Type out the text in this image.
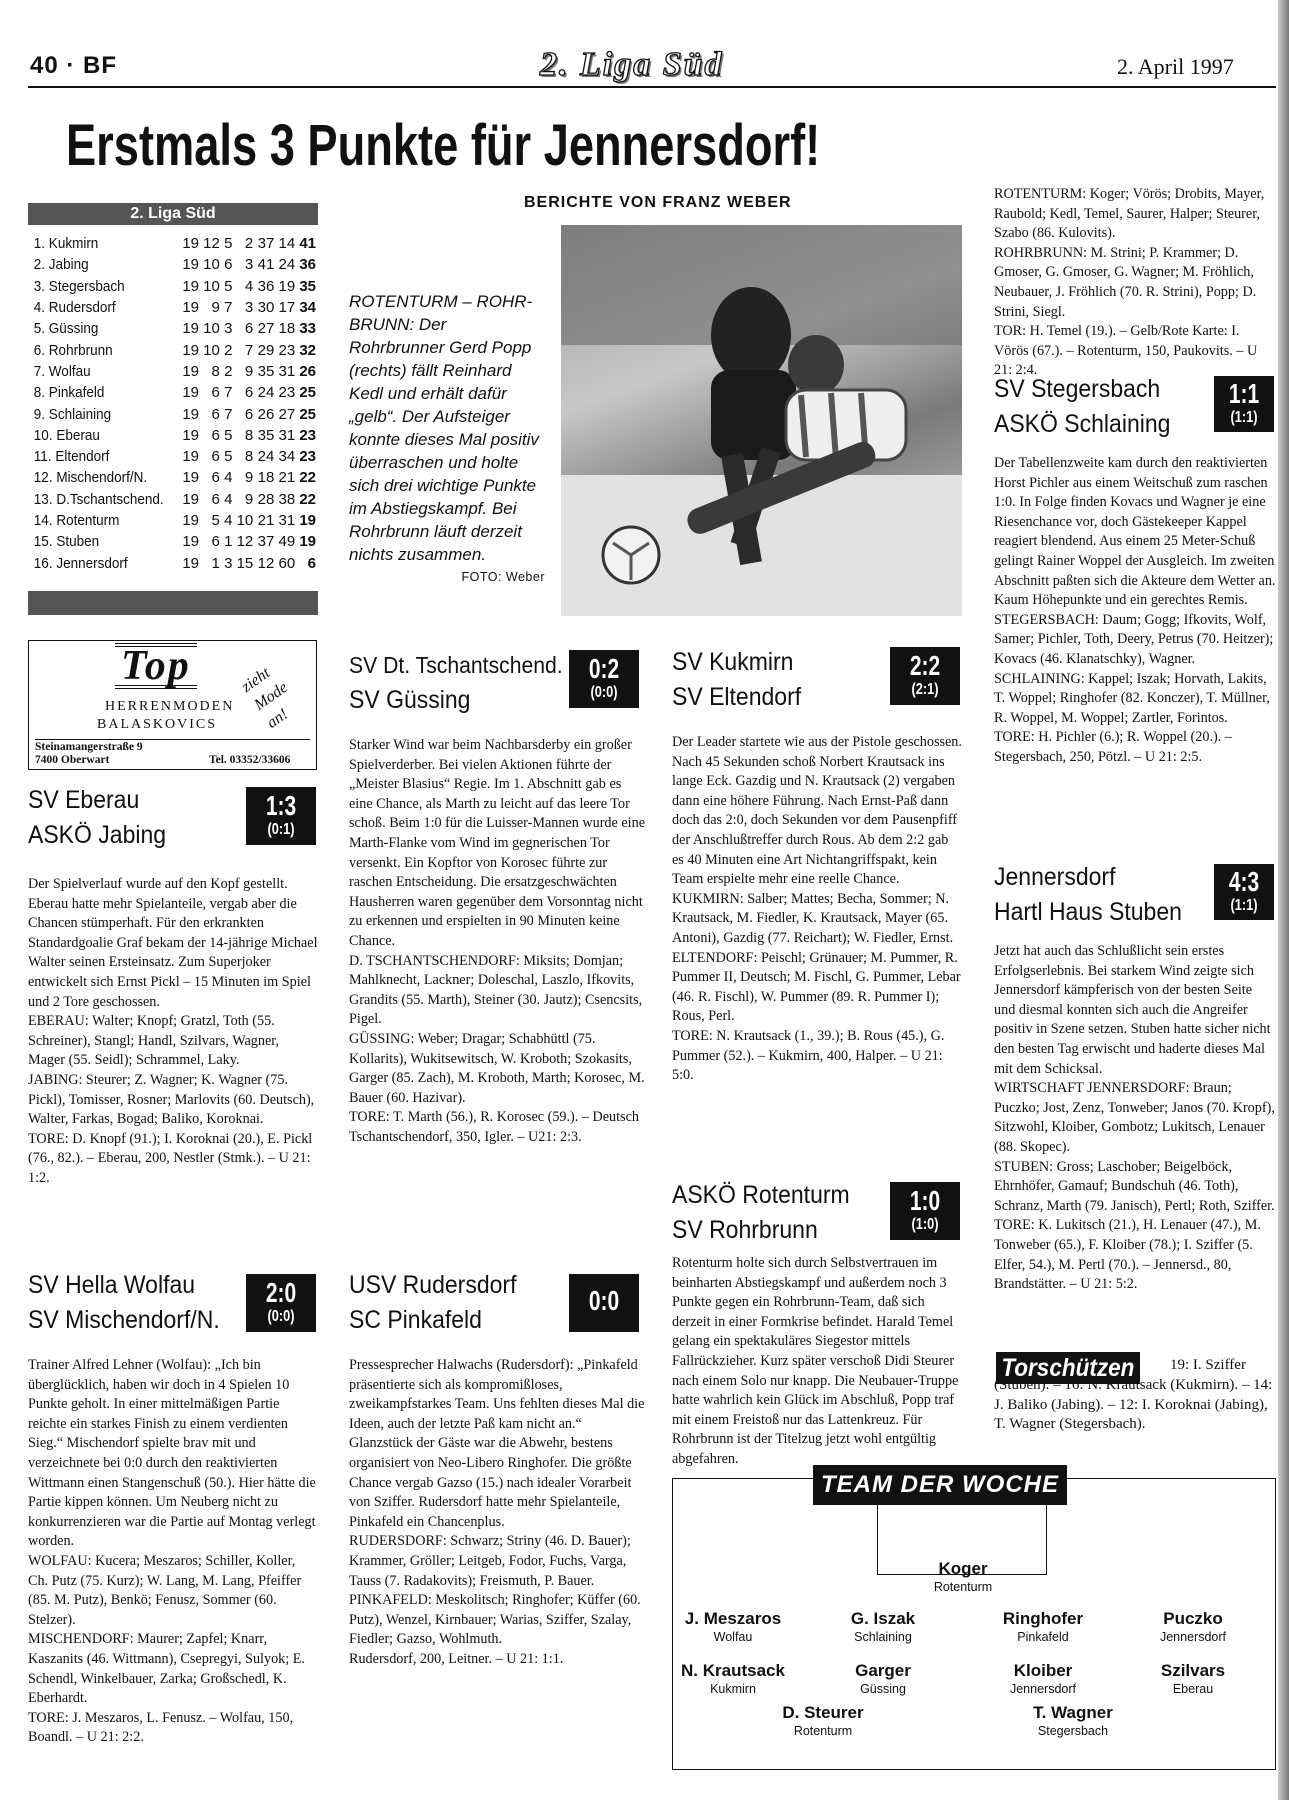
40 · BF	2. Liga Süd	2. April 1997
Erstmals 3 Punkte für Jennersdorf!
BERICHTE VON FRANZ WEBER
2. Liga Süd
1. Kukmirn	19	12	5	2	37 14	41
2. Jabing	19	10	6	3	41 24	36
3. Stegersbach	19	10	5	4	36 19	35
4. Rudersdorf	19	9	7	3	30 17	34
5. Güssing	19	10	3	6	27 18	33
6. Rohrbrunn	19	10	2	7	29 23	32
7. Wolfau	19	8	2	9	35 31	26
8. Pinkafeld	19	6	7	6	24 23	25
9. Schlaining	19	6	7	6	26 27	25
10. Eberau	19	6	5	8	35 31	23
11. Eltendorf	19	6	5	8	24 34	23
12. Mischendorf/N.	19	6	4	9	18 21	22
13. D.Tschantschend.	19	6	4	9	28 38	22
14. Rotenturm	19	5	4	10	21 31	19
15. Stuben	19	6	1	12	37 49	19
16. Jennersdorf	19	1	3	15	12 60	6
Top
HERRENMODEN
BALASKOVICS
zieht Mode an!
Steinamangerstraße 9
7400 Oberwart	Tel. 03352/33606
ROTENTURM – ROHR-BRUNN: Der Rohrbrunner Gerd Popp (rechts) fällt Reinhard Kedl und erhält dafür „gelb“. Der Aufsteiger konnte dieses Mal positiv überraschen und holte sich drei wichtige Punkte im Abstiegskampf. Bei Rohrbrunn läuft derzeit nichts zusammen.
FOTO: Weber
SV Eberau
ASKÖ Jabing
1:3
(0:1)

Der Spielverlauf wurde auf den Kopf gestellt. Eberau hatte mehr Spielanteile, vergab aber die Chancen stümperhaft. Für den erkrankten Standardgoalie Graf bekam der 14-jährige Michael Walter seinen Ersteinsatz. Zum Superjoker entwickelt sich Ernst Pickl – 15 Minuten im Spiel und 2 Tore geschossen.

EBERAU: Walter; Knopf; Gratzl, Toth (55. Schreiner), Stangl; Handl, Szilvars, Wagner, Mager (55. Seidl); Schrammel, Laky.

JABING: Steurer; Z. Wagner; K. Wagner (75. Pickl), Tomisser, Rosner; Marlovits (60. Deutsch), Walter, Farkas, Bogad; Baliko, Koroknai.

TORE: D. Knopf (91.); I. Koroknai (20.), E. Pickl (76., 82.). – Eberau, 200, Nestler (Stmk.). – U 21: 1:2.

SV Hella Wolfau
SV Mischendorf/N.
2:0
(0:0)

Trainer Alfred Lehner (Wolfau): „Ich bin überglücklich, haben wir doch in 4 Spielen 10 Punkte geholt. In einer mittelmäßigen Partie reichte ein starkes Finish zu einem verdienten Sieg.“ Mischendorf spielte brav mit und verzeichnete bei 0:0 durch den reaktivierten Wittmann einen Stangenschuß (50.). Hier hätte die Partie kippen können. Um Neuberg nicht zu konkurrenzieren war die Partie auf Montag verlegt worden.

WOLFAU: Kucera; Meszaros; Schiller, Koller, Ch. Putz (75. Kurz); W. Lang, M. Lang, Pfeiffer (85. M. Putz), Benkö; Fenusz, Sommer (60. Stelzer).

MISCHENDORF: Maurer; Zapfel; Knarr, Kaszanits (46. Wittmann), Csepregyi, Sulyok; E. Schendl, Winkelbauer, Zarka; Großschedl, K. Eberhardt.

TORE: J. Meszaros, L. Fenusz. – Wolfau, 150, Boandl. – U 21: 2:2.

SV Dt. Tschantschend.
SV Güssing
0:2
(0:0)

Starker Wind war beim Nachbarsderby ein großer Spielverderber. Bei vielen Aktionen führte der „Meister Blasius“ Regie. Im 1. Abschnitt gab es eine Chance, als Marth zu leicht auf das leere Tor schoß. Beim 1:0 für die Luisser-Mannen wurde eine Marth-Flanke vom Wind im gegnerischen Tor versenkt. Ein Kopftor von Korosec führte zur raschen Entscheidung. Die ersatzgeschwächten Hausherren waren gegenüber dem Vorsonntag nicht zu erkennen und erspielten in 90 Minuten keine Chance.

D. TSCHANTSCHENDORF: Miksits; Domjan; Mahlknecht, Lackner; Doleschal, Laszlo, Ifkovits, Grandits (55. Marth), Steiner (30. Jautz); Csencsits, Pigel.

GÜSSING: Weber; Dragar; Schabhüttl (75. Kollarits), Wukitsewitsch, W. Kroboth; Szokasits, Garger (85. Zach), M. Kroboth, Marth; Korosec, M. Bauer (60. Hazivar).

TORE: T. Marth (56.), R. Korosec (59.). – Deutsch Tschantschendorf, 350, Igler. – U21: 2:3.

USV Rudersdorf
SC Pinkafeld
0:0

Pressesprecher Halwachs (Rudersdorf): „Pinkafeld präsentierte sich als kompromißloses, zweikampfstarkes Team. Uns fehlten dieses Mal die Ideen, auch der letzte Paß kam nicht an.“ Glanzstück der Gäste war die Abwehr, bestens organisiert von Neo-Libero Ringhofer. Die größte Chance vergab Gazso (15.) nach idealer Vorarbeit von Sziffer. Rudersdorf hatte mehr Spielanteile, Pinkafeld ein Chancenplus.

RUDERSDORF: Schwarz; Striny (46. D. Bauer); Krammer, Gröller; Leitgeb, Fodor, Fuchs, Varga, Tauss (7. Radakovits); Freismuth, P. Bauer.

PINKAFELD: Meskolitsch; Ringhofer; Küffer (60. Putz), Wenzel, Kirnbauer; Warias, Sziffer, Szalay, Fiedler; Gazso, Wohlmuth.

Rudersdorf, 200, Leitner. – U 21: 1:1.

SV Kukmirn
SV Eltendorf
2:2
(2:1)

Der Leader startete wie aus der Pistole geschossen. Nach 45 Sekunden schoß Norbert Krautsack ins lange Eck. Gazdig und N. Krautsack (2) vergaben dann eine höhere Führung. Nach Ernst-Paß dann doch das 2:0, doch Sekunden vor dem Pausenpfiff der Anschlußtreffer durch Rous. Ab dem 2:2 gab es 40 Minuten eine Art Nichtangriffspakt, kein Team erspielte mehr eine reelle Chance.

KUKMIRN: Salber; Mattes; Becha, Sommer; N. Krautsack, M. Fiedler, K. Krautsack, Mayer (65. Antoni), Gazdig (77. Reichart); W. Fiedler, Ernst.

ELTENDORF: Peischl; Grünauer; M. Pummer, R. Pummer II, Deutsch; M. Fischl, G. Pummer, Lebar (46. R. Fischl), W. Pummer (89. R. Pummer I); Rous, Perl.

TORE: N. Krautsack (1., 39.); B. Rous (45.), G. Pummer (52.). – Kukmirn, 400, Halper. – U 21: 5:0.

ASKÖ Rotenturm
SV Rohrbrunn
1:0
(1:0)

Rotenturm holte sich durch Selbstvertrauen im beinharten Abstiegskampf und außerdem noch 3 Punkte gegen ein Rohrbrunn-Team, daß sich derzeit in einer Formkrise befindet. Harald Temel gelang ein spektakuläres Siegestor mittels Fallrückzieher. Kurz später verschoß Didi Steurer nach einem Solo nur knapp. Die Neubauer-Truppe hatte wahrlich kein Glück im Abschluß, Popp traf mit einem Freistoß nur das Lattenkreuz. Für Rohrbrunn ist der Titelzug jetzt wohl entgültig abgefahren.

ROTENTURM: Koger; Vörös; Drobits, Mayer, Raubold; Kedl, Temel, Saurer, Halper; Steurer, Szabo (86. Kulovits).

ROHRBRUNN: M. Strini; P. Krammer; D. Gmoser, G. Gmoser, G. Wagner; M. Fröhlich, Neubauer, J. Fröhlich (70. R. Strini), Popp; D. Strini, Siegl.

TOR: H. Temel (19.). – Gelb/Rote Karte: I. Vörös (67.). – Rotenturm, 150, Paukovits. – U 21: 2:4.

SV Stegersbach
ASKÖ Schlaining
1:1
(1:1)

Der Tabellenzweite kam durch den reaktivierten Horst Pichler aus einem Weitschuß zum raschen 1:0. In Folge finden Kovacs und Wagner je eine Riesenchance vor, doch Gästekeeper Kappel reagiert blendend. Aus einem 25 Meter-Schuß gelingt Rainer Woppel der Ausgleich. Im zweiten Abschnitt paßten sich die Akteure dem Wetter an. Kaum Höhepunkte und ein gerechtes Remis.

STEGERSBACH: Daum; Gogg; Ifkovits, Wolf, Samer; Pichler, Toth, Deery, Petrus (70. Heitzer); Kovacs (46. Klanatschky), Wagner.

SCHLAINING: Kappel; Iszak; Horvath, Lakits, T. Woppel; Ringhofer (82. Konczer), T. Müllner, R. Woppel, M. Woppel; Zartler, Forintos.

TORE: H. Pichler (6.); R. Woppel (20.). – Stegersbach, 250, Pötzl. – U 21: 2:5.

Jennersdorf
Hartl Haus Stuben
4:3
(1:1)

Jetzt hat auch das Schlußlicht sein erstes Erfolgserlebnis. Bei starkem Wind zeigte sich Jennersdorf kämpferisch von der besten Seite und diesmal konnten sich auch die Angreifer positiv in Szene setzen. Stuben hatte sicher nicht den besten Tag erwischt und haderte dieses Mal mit dem Schicksal.

WIRTSCHAFT JENNERSDORF: Braun; Puczko; Jost, Zenz, Tonweber; Janos (70. Kropf), Sitzwohl, Kloiber, Gombotz; Lukitsch, Lenauer (88. Skopec).

STUBEN: Gross; Laschober; Beigelböck, Ehrnhöfer, Gamauf; Bundschuh (46. Toth), Schranz, Marth (79. Janisch), Pertl; Roth, Sziffer.

TORE: K. Lukitsch (21.), H. Lenauer (47.), M. Tonweber (65.), F. Kloiber (78.); I. Sziffer (5. Elfer, 54.), M. Pertl (70.). – Jennersd., 80, Brandstätter. – U 21: 5:2.

Torschützen	19: I. Sziffer (Stuben). – 16: N. Krautsack (Kukmirn). – 14: J. Baliko (Jabing). – 12: I. Koroknai (Jabing), T. Wagner (Stegersbach).
TEAM DER WOCHE
Koger
Rotenturm
J. Meszaros
Wolfau
G. Iszak
Schlaining
Ringhofer
Pinkafeld
Puczko
Jennersdorf
N. Krautsack
Kukmirn
Garger
Güssing
Kloiber
Jennersdorf
Szilvars
Eberau
D. Steurer
Rotenturm
T. Wagner
Stegersbach
